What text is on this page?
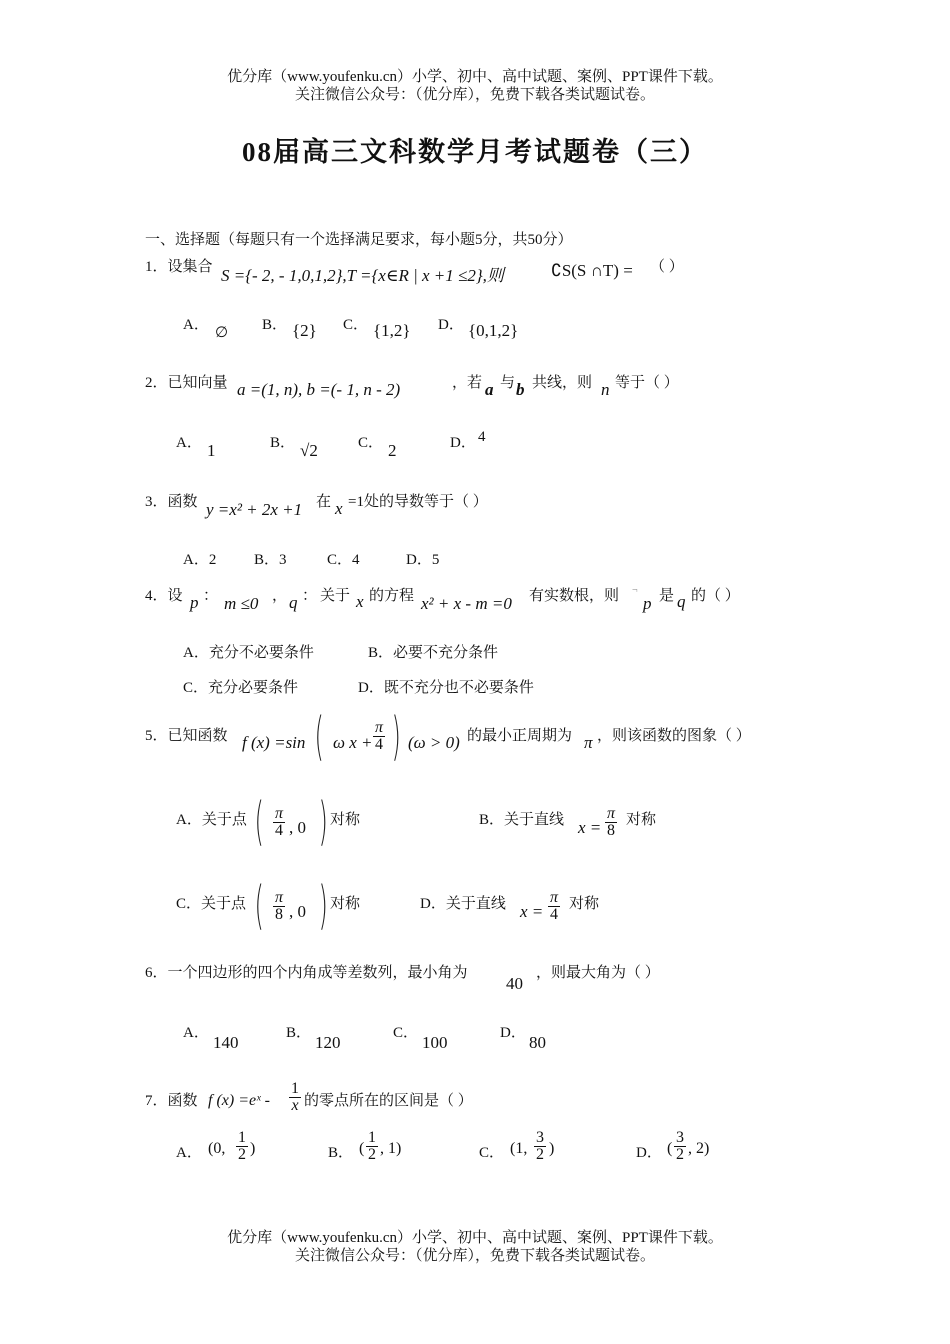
优分库（www.youfenku.cn）小学、初中、高中试题、案例、PPT课件下载。
关注微信公众号：（优分库），免费下载各类试题试卷。
08届高三文科数学月考试题卷（三）
一、选择题（每题只有一个选择满足要求，每小题5分，共50分）
1．设集合 S ={- 2, - 1,0,1,2},T ={x∈R | x +1 ≤2},则	∁S(S ∩T) = （ ）
A． ∅ B． {2} C． {1,2} D． {0,1,2}
2．已知向量 a =(1, n), b =(- 1, n - 2)	，若 a 与 b 共线，则 n 等于（ ）
A． 1	B． √2	C． 2	D． 4
3．函数 y =x² + 2x +1 在 x =1处的导数等于（ ）
A．2	B．3	C．4	D．5
4．设 p ： m ≤0 ， q ： 关于 x 的方程 x² + x - m =0 有实数根，则 ¬
p 是 q 的（ ）
A．充分不必要条件	B．必要不充分条件
C．充分必要条件	D．既不充分也不必要条件
5．已知函数 f (x) =sin ( ω $x + \frac{\pi}{4}$ ) (ω > 0) 的最小正周期为 π ，则该函数的图象（ ）
A．关于点 ( $\frac{\pi}{4}$ , 0 ) 对称	B．关于直线 $x = \frac{\pi}{8}$ 对称
C．关于点 ( $\frac{\pi}{8}$ , 0 ) 对称	D．关于直线 $x = \frac{\pi}{4}$ 对称
6．一个四边形的四个内角成等差数列，最小角为
40
，则最大角为（ ）
A． 140	B． 120	C． 100	D． 80
7．函数 f (x) =eˣ - $\frac{1}{x}$ 的零点所在的区间是（ ）
A． (0, $\frac{1}{2}$ )	B． ( $\frac{1}{2}$ , 1)	C． (1, $\frac{3}{2}$ )	D． ( $\frac{3}{2}$ , 2)
优分库（www.youfenku.cn）小学、初中、高中试题、案例、PPT课件下载。
关注微信公众号：（优分库），免费下载各类试题试卷。
